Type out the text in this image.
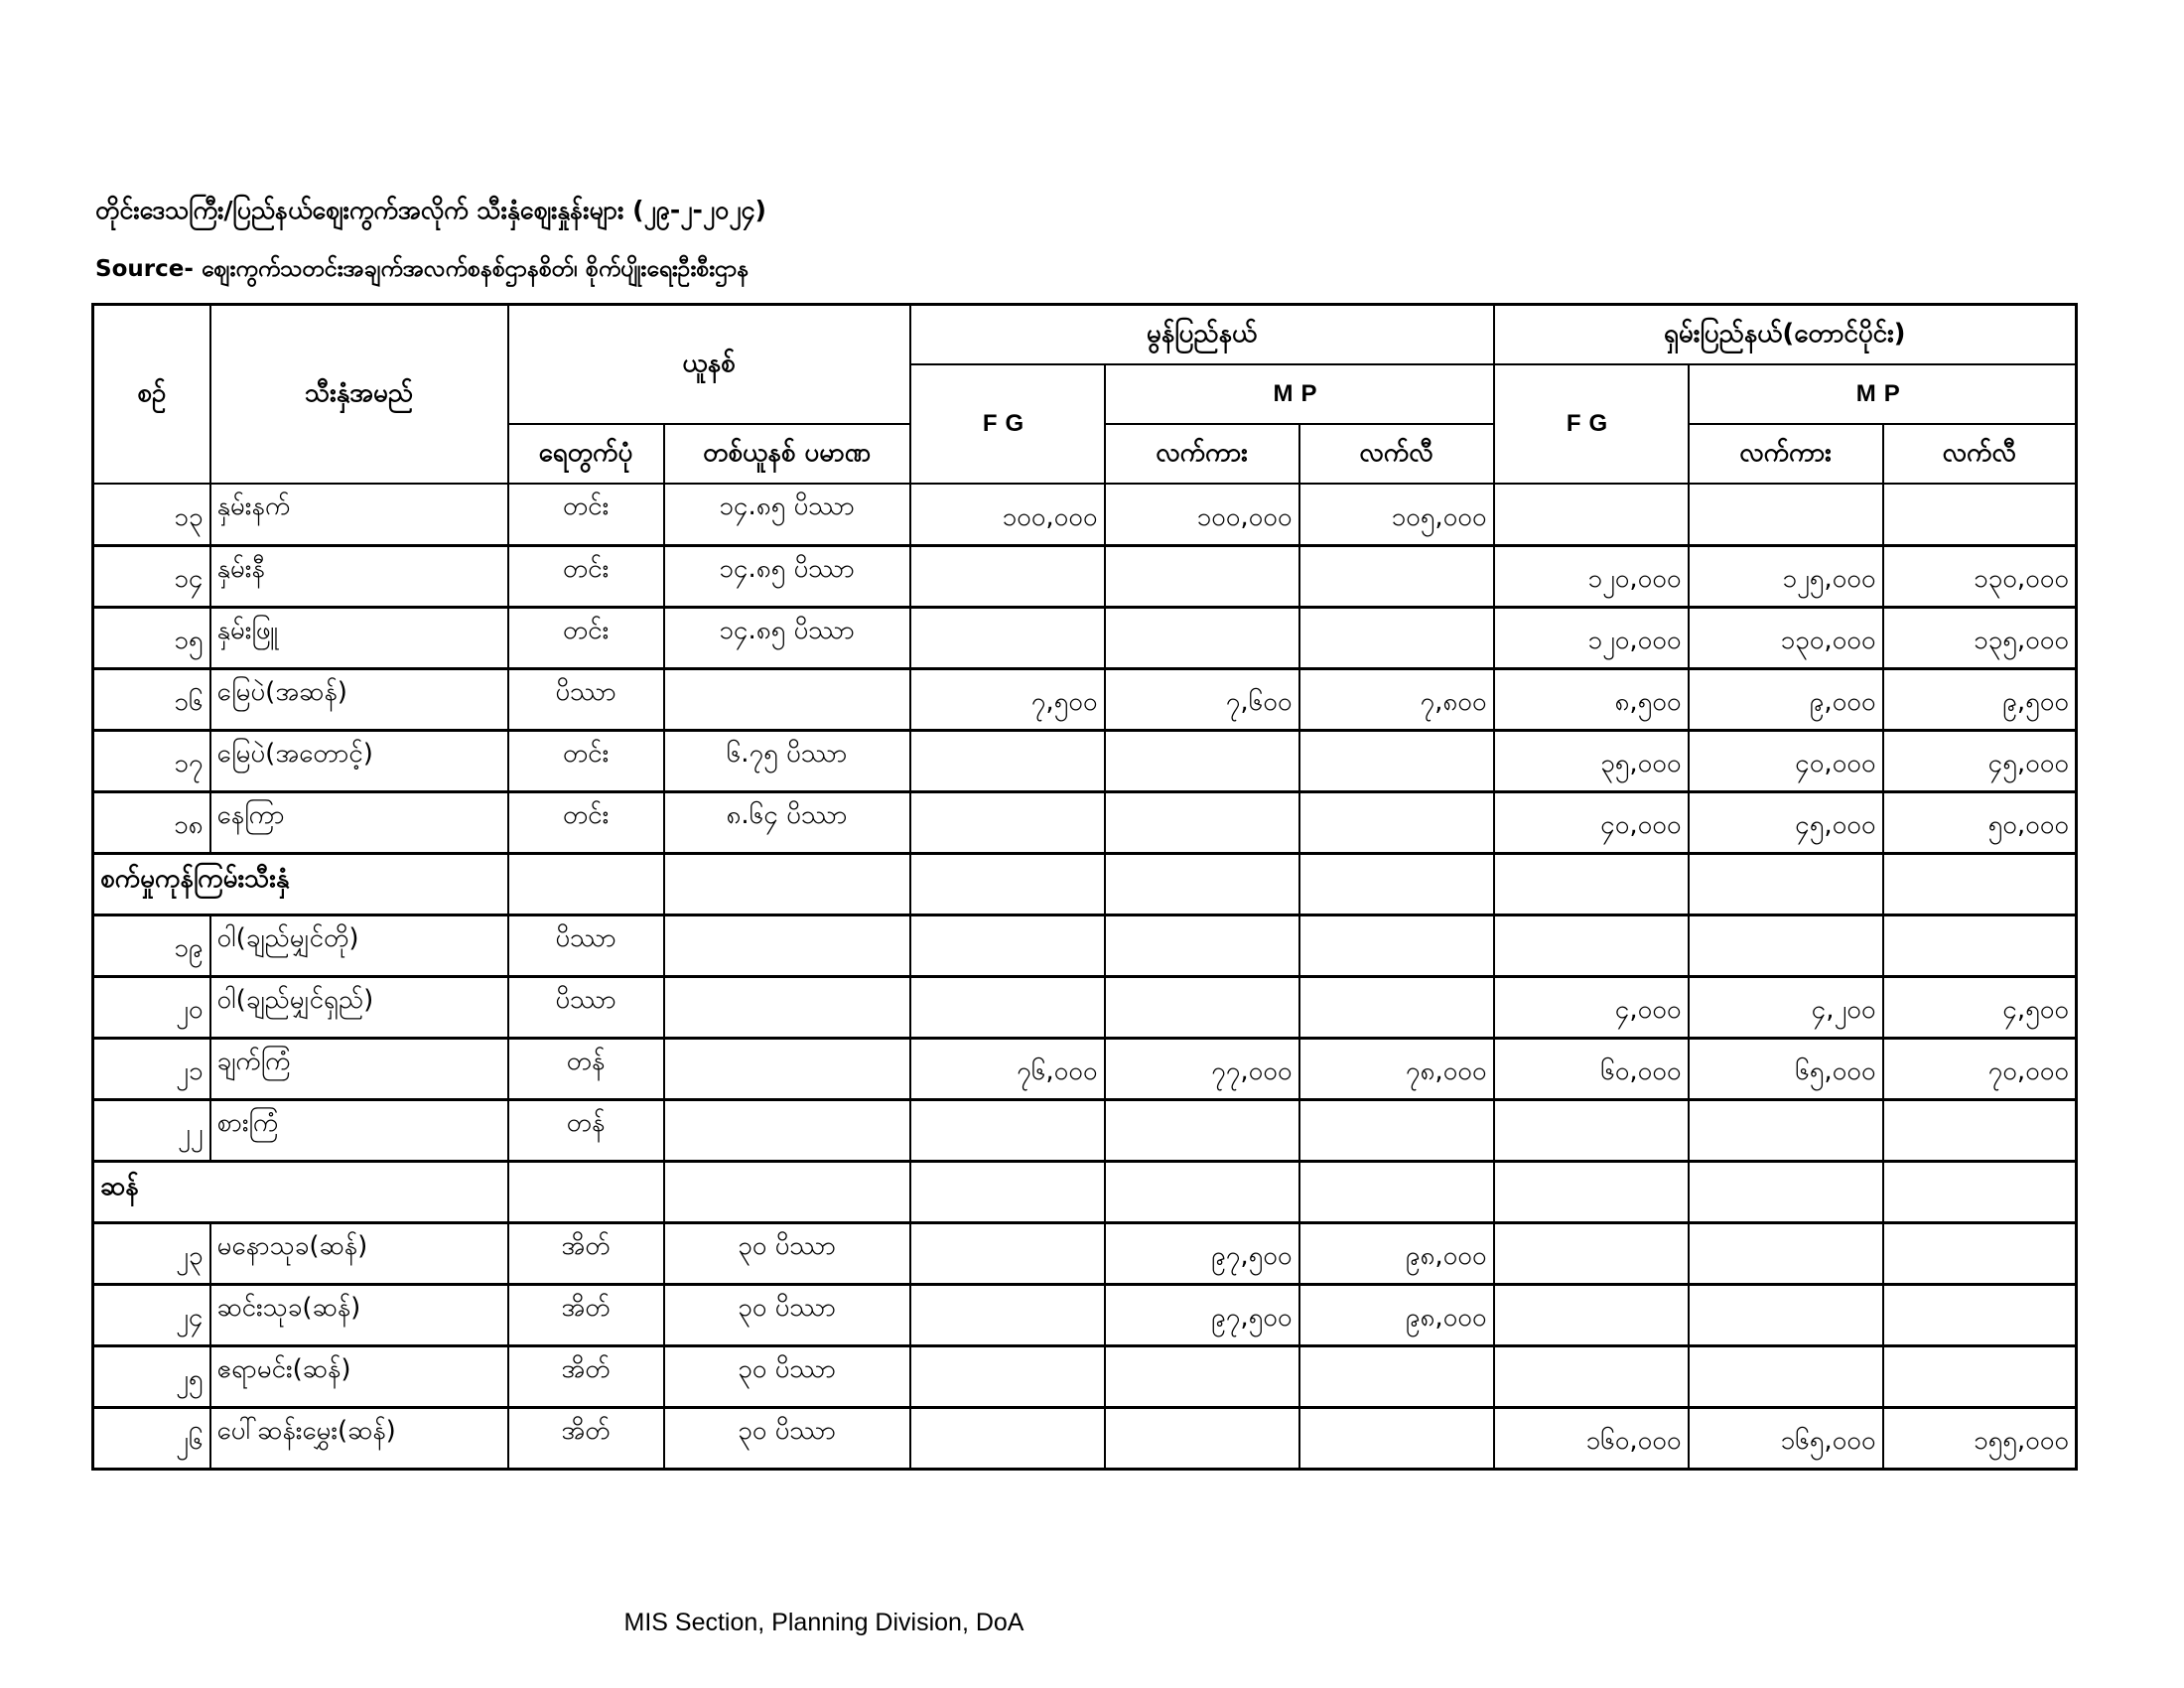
တိုင်းဒေသကြီး/ပြည်နယ်ဈေးကွက်အလိုက် သီးနှံဈေးနှုန်းများ (၂၉-၂-၂၀၂၄)
Source- ဈေးကွက်သတင်းအချက်အလက်စနစ်ဌာနစိတ်၊ စိုက်ပျိုးရေးဦးစီးဌာန
စဉ်	သီးနှံအမည်	ယူနစ်		မွန်ပြည်နယ်			ရှမ်းပြည်နယ်(တောင်ပိုင်း)		
				FG	MP		FG	MP	
		ရေတွက်ပုံ	တစ်ယူနစ် ပမာဏ		လက်ကား	လက်လီ		လက်ကား	လက်လီ
၁၃	နှမ်းနက်	တင်း	၁၄.၈၅ ပိဿာ	၁၀၀,၀၀၀	၁၀၀,၀၀၀	၁၀၅,၀၀၀			
၁၄	နှမ်းနီ	တင်း	၁၄.၈၅ ပိဿာ				၁၂၀,၀၀၀	၁၂၅,၀၀၀	၁၃၀,၀၀၀
၁၅	နှမ်းဖြူ	တင်း	၁၄.၈၅ ပိဿာ				၁၂၀,၀၀၀	၁၃၀,၀၀၀	၁၃၅,၀၀၀
၁၆	မြေပဲ(အဆန်)	ပိဿာ		၇,၅၀၀	၇,၆၀၀	၇,၈၀၀	၈,၅၀၀	၉,၀၀၀	၉,၅၀၀
၁၇	မြေပဲ(အတောင့်)	တင်း	၆.၇၅ ပိဿာ				၃၅,၀၀၀	၄၀,၀၀၀	၄၅,၀၀၀
၁၈	နေကြာ	တင်း	၈.၆၄ ပိဿာ				၄၀,၀၀၀	၄၅,၀၀၀	၅၀,၀၀၀
စက်မှုကုန်ကြမ်းသီးနှံ									
၁၉	ဝါ(ချည်မျှင်တို)	ပိဿာ							
၂၀	ဝါ(ချည်မျှင်ရှည်)	ပိဿာ					၄,၀၀၀	၄,၂၀၀	၄,၅၀၀
၂၁	ချက်ကြံ	တန်		၇၆,၀၀၀	၇၇,၀၀၀	၇၈,၀၀၀	၆၀,၀၀၀	၆၅,၀၀၀	၇၀,၀၀၀
၂၂	စားကြံ	တန်							
ဆန်									
၂၃	မနောသုခ(ဆန်)	အိတ်	၃၀ ပိဿာ		၉၇,၅၀၀	၉၈,၀၀၀			
၂၄	ဆင်းသုခ(ဆန်)	အိတ်	၃၀ ပိဿာ		၉၇,၅၀၀	၉၈,၀၀၀			
၂၅	ဧရာမင်း(ဆန်)	အိတ်	၃၀ ပိဿာ						
၂၆	ပေါ်ဆန်းမွှေး(ဆန်)	အိတ်	၃၀ ပိဿာ				၁၆၀,၀၀၀	၁၆၅,၀၀၀	၁၅၅,၀၀၀
MIS Section, Planning Division, DoA
